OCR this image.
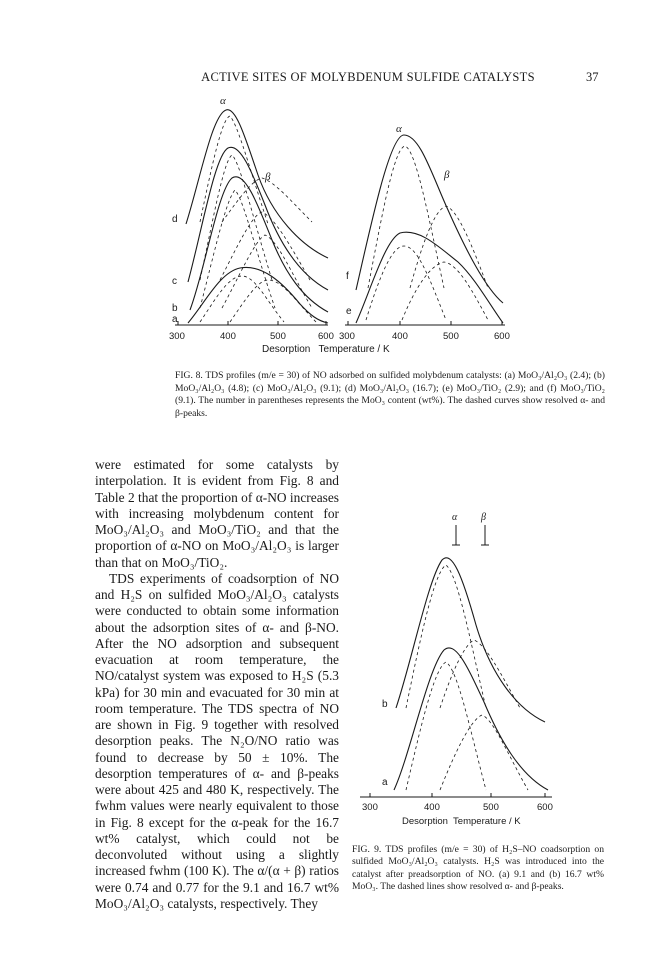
ACTIVE SITES OF MOLYBDENUM SULFIDE CATALYSTS	37
300	400	500	600 300	400	500	600
Desorption   Temperature / K
a
b
c
d
e
f
α
β
α
β
FIG. 8. TDS profiles (m/e = 30) of NO adsorbed on sulfided molybdenum catalysts: (a) MoO₃/Al₂O₃ (2.4); (b) MoO₃/Al₂O₃ (4.8); (c) MoO₃/Al₂O₃ (9.1); (d) MoO₃/Al₂O₃ (16.7); (e) MoO₃/TiO₂ (2.9); and (f) MoO₃/TiO₂ (9.1). The number in parentheses represents the MoO₃ content (wt%). The dashed curves show resolved α- and β-peaks.

were estimated for some catalysts by interpolation. It is evident from Fig. 8 and Table 2 that the proportion of α-NO increases with increasing molybdenum content for MoO₃/Al₂O₃ and MoO₃/TiO₂ and that the proportion of α-NO on MoO₃/Al₂O₃ is larger than that on MoO₃/TiO₂.

TDS experiments of coadsorption of NO and H₂S on sulfided MoO₃/Al₂O₃ catalysts were conducted to obtain some information about the adsorption sites of α- and β-NO. After the NO adsorption and subsequent evacuation at room temperature, the NO/catalyst system was exposed to H₂S (5.3 kPa) for 30 min and evacuated for 30 min at room temperature. The TDS spectra of NO are shown in Fig. 9 together with resolved desorption peaks. The N₂O/NO ratio was found to decrease by 50 ± 10%. The desorption temperatures of α- and β-peaks were about 425 and 480 K, respectively. The fwhm values were nearly equivalent to those in Fig. 8 except for the α-peak for the 16.7 wt% catalyst, which could not be deconvoluted without using a slightly increased fwhm (100 K). The α/(α + β) ratios were 0.74 and 0.77 for the 9.1 and 16.7 wt% MoO₃/Al₂O₃ catalysts, respectively. They

α β
300	400	500	600
Desorption  Temperature / K
b
a
FIG. 9. TDS profiles (m/e = 30) of H₂S–NO coadsorption on sulfided MoO₃/Al₂O₃ catalysts. H₂S was introduced into the catalyst after preadsorption of NO. (a) 9.1 and (b) 16.7 wt% MoO₃. The dashed lines show resolved α- and β-peaks.
